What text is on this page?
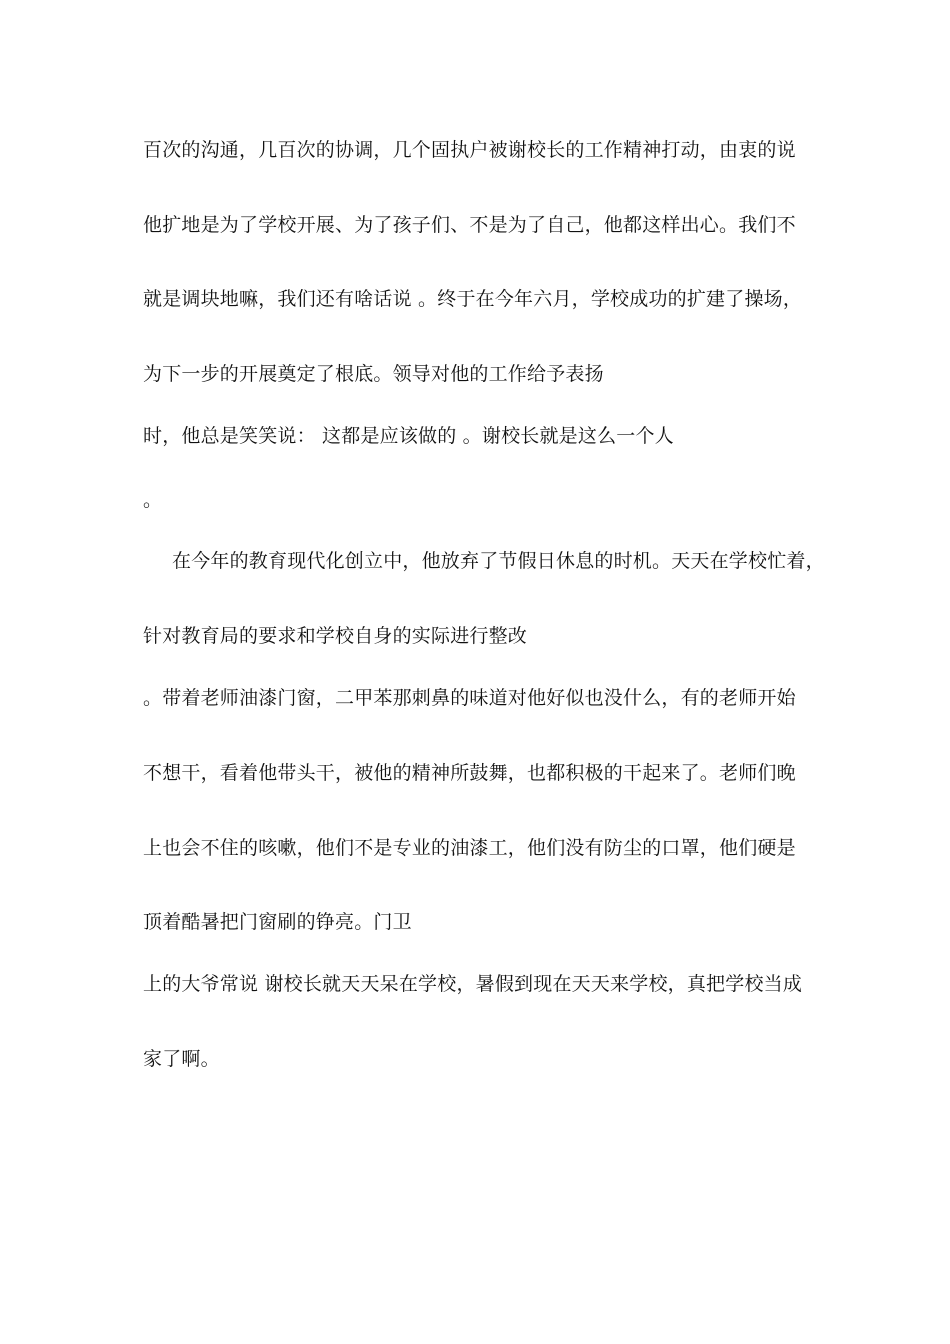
百次的沟通，几百次的协调，几个固执户被谢校长的工作精神打动，由衷的说
他扩地是为了学校开展、为了孩子们、不是为了自己，他都这样出心。我们不
就是调块地嘛，我们还有啥话说 。终于在今年六月，学校成功的扩建了操场，
为下一步的开展奠定了根底。领导对他的工作给予表扬
时，他总是笑笑说： 这都是应该做的 。谢校长就是这么一个人
。
在今年的教育现代化创立中，他放弃了节假日休息的时机。天天在学校忙着，
针对教育局的要求和学校自身的实际进行整改
。带着老师油漆门窗，二甲苯那刺鼻的味道对他好似也没什么，有的老师开始
不想干，看着他带头干，被他的精神所鼓舞，也都积极的干起来了。老师们晚
上也会不住的咳嗽，他们不是专业的油漆工，他们没有防尘的口罩，他们硬是
顶着酷暑把门窗刷的铮亮。门卫
上的大爷常说 谢校长就天天呆在学校，暑假到现在天天来学校，真把学校当成
家了啊。
